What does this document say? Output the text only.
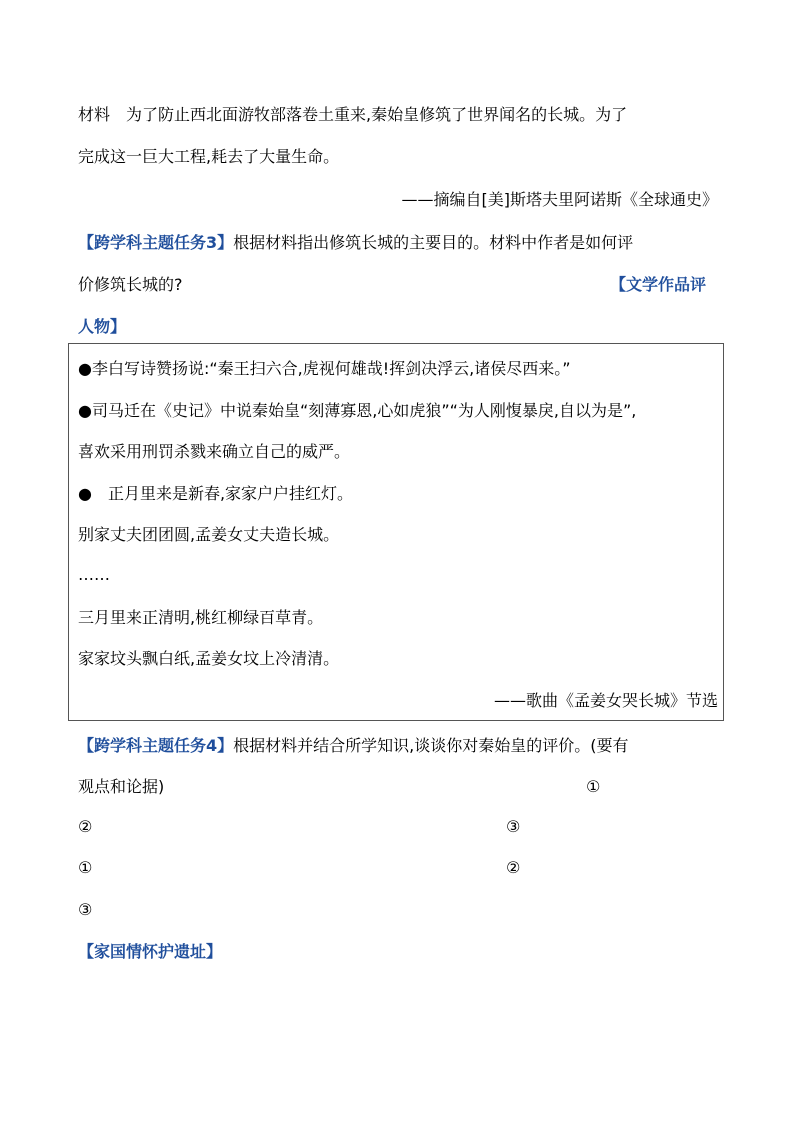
材料　为了防止西北面游牧部落卷土重来,秦始皇修筑了世界闻名的长城。为了
完成这一巨大工程,耗去了大量生命。
——摘编自[美]斯塔夫里阿诺斯《全球通史》
【跨学科主题任务3】根据材料指出修筑长城的主要目的。材料中作者是如何评
价修筑长城的?	【文学作品评
人物】
●李白写诗赞扬说:“秦王扫六合,虎视何雄哉!挥剑决浮云,诸侯尽西来。”
●司马迁在《史记》中说秦始皇“刻薄寡恩,心如虎狼”“为人刚愎暴戾,自以为是”,
喜欢采用刑罚杀戮来确立自己的威严。
●　正月里来是新春,家家户户挂红灯。
别家丈夫团团圆,孟姜女丈夫造长城。
……
三月里来正清明,桃红柳绿百草青。
家家坟头飘白纸,孟姜女坟上冷清清。
——歌曲《孟姜女哭长城》节选
【跨学科主题任务4】根据材料并结合所学知识,谈谈你对秦始皇的评价。(要有
观点和论据)	①
②	③
①	②
③
【家国情怀护遗址】
